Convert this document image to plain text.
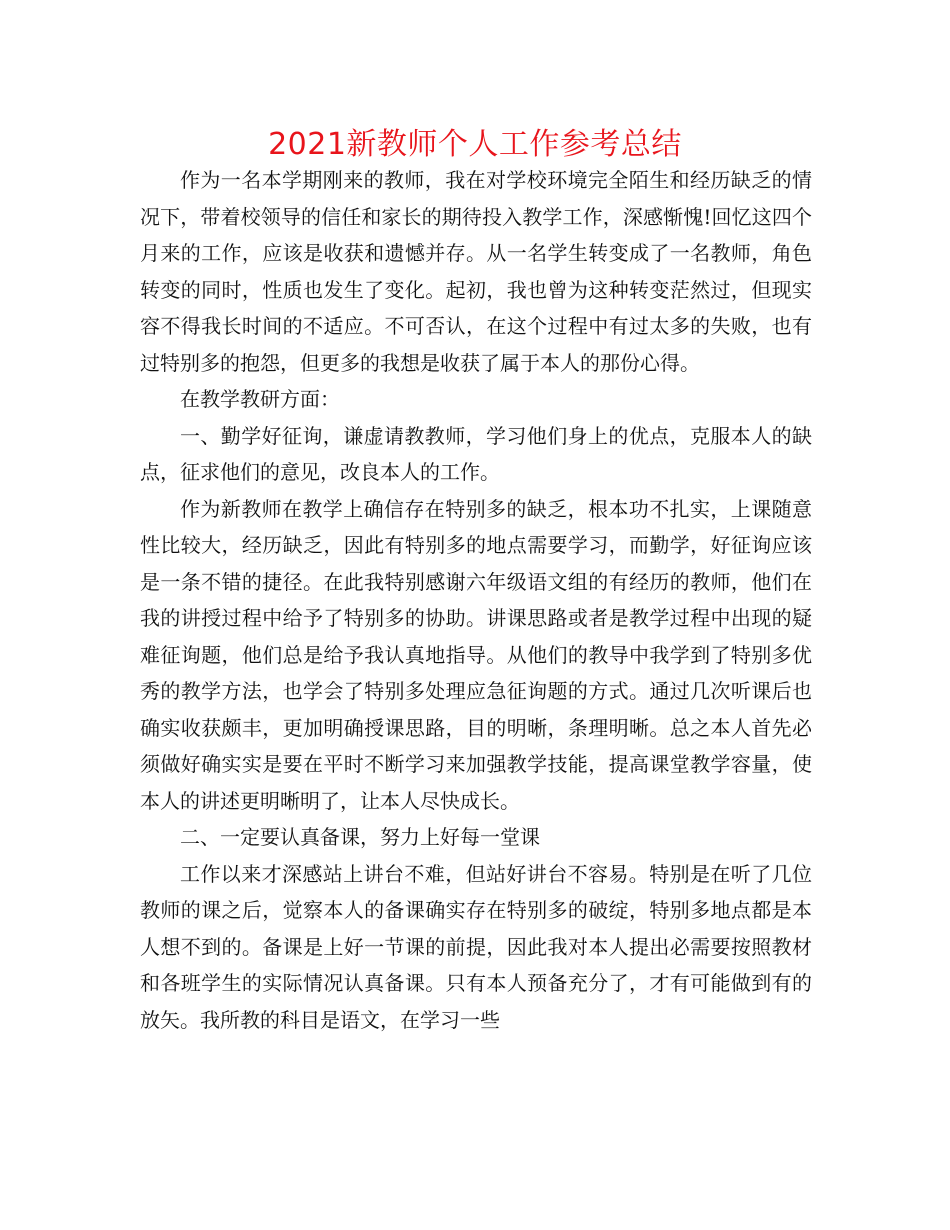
2021新教师个人工作参考总结

作为一名本学期刚来的教师，我在对学校环境完全陌生和经历缺乏的情况下，带着校领导的信任和家长的期待投入教学工作，深感惭愧!回忆这四个月来的工作，应该是收获和遗憾并存。从一名学生转变成了一名教师，角色转变的同时，性质也发生了变化。起初，我也曾为这种转变茫然过，但现实容不得我长时间的不适应。不可否认，在这个过程中有过太多的失败，也有过特别多的抱怨，但更多的我想是收获了属于本人的那份心得。

在教学教研方面：

一、勤学好征询，谦虚请教教师，学习他们身上的优点，克服本人的缺点，征求他们的意见，改良本人的工作。

作为新教师在教学上确信存在特别多的缺乏，根本功不扎实，上课随意性比较大，经历缺乏，因此有特别多的地点需要学习，而勤学，好征询应该是一条不错的捷径。在此我特别感谢六年级语文组的有经历的教师，他们在我的讲授过程中给予了特别多的协助。讲课思路或者是教学过程中出现的疑难征询题，他们总是给予我认真地指导。从他们的教导中我学到了特别多优秀的教学方法，也学会了特别多处理应急征询题的方式。通过几次听课后也确实收获颇丰，更加明确授课思路，目的明晰，条理明晰。总之本人首先必须做好确实实是要在平时不断学习来加强教学技能，提高课堂教学容量，使本人的讲述更明晰明了，让本人尽快成长。

二、一定要认真备课，努力上好每一堂课

工作以来才深感站上讲台不难，但站好讲台不容易。特别是在听了几位教师的课之后，觉察本人的备课确实存在特别多的破绽，特别多地点都是本人想不到的。备课是上好一节课的前提，因此我对本人提出必需要按照教材和各班学生的实际情况认真备课。只有本人预备充分了，才有可能做到有的放矢。我所教的科目是语文，在学习一些
